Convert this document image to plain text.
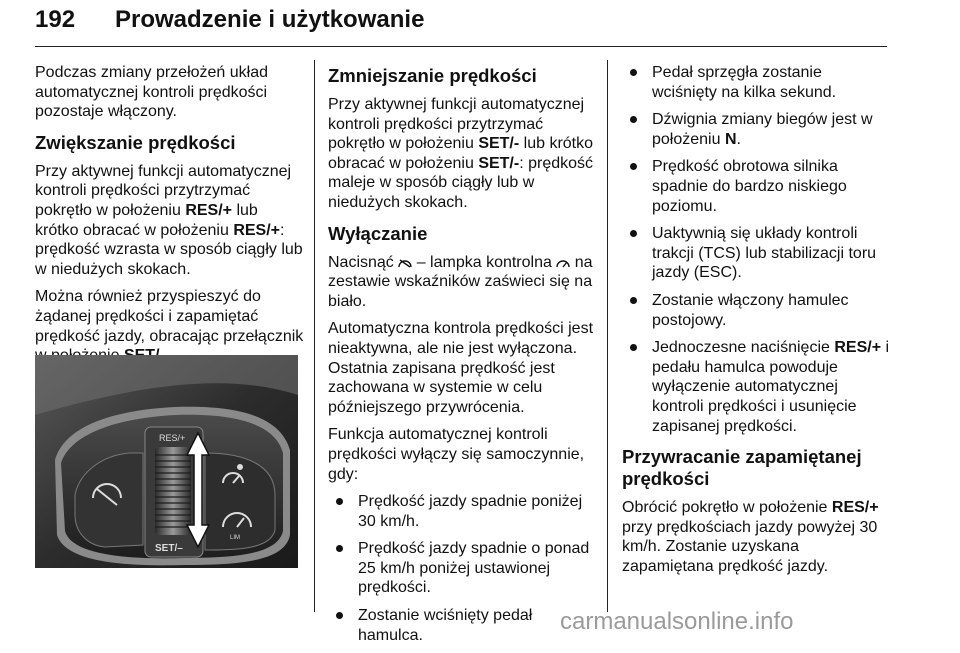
192 Prowadzenie i użytkowanie

Podczas zmiany przełożeń układ automatycznej kontroli prędkości pozostaje włączony.

Zwiększanie prędkości

Przy aktywnej funkcji automatycznej kontroli prędkości przytrzymać pokrętło w położeniu RES/+ lub krótko obracać w położeniu RES/+: prędkość wzrasta w sposób ciągły lub w niedużych skokach.

Można również przyspieszyć do żądanej prędkości i zapamiętać prędkość jazdy, obracając przełącznik

RES/+
SET/–
LIM
Zmniejszanie prędkości

Przy aktywnej funkcji automatycznej kontroli prędkości przytrzymać pokrętło w położeniu SET/- lub krótko obracać w położeniu SET/-: prędkość maleje w sposób ciągły lub w niedużych skokach.

Wyłączanie

Nacisnąć  – lampka kontrolna  na zestawie wskaźników zaświeci się na biało.

Automatyczna kontrola prędkości jest nieaktywna, ale nie jest wyłączona. Ostatnia zapisana prędkość jest zachowana w systemie w celu późniejszego przywrócenia.

Funkcja automatycznej kontroli prędkości wyłączy się samoczynnie, gdy:

Prędkość jazdy spadnie poniżej 30 km/h.
Prędkość jazdy spadnie o ponad 25 km/h poniżej ustawionej prędkości.
Zostanie wciśnięty pedał hamulca.
Pedał sprzęgła zostanie wciśnięty na kilka sekund.
Dźwignia zmiany biegów jest w położeniu N.
Prędkość obrotowa silnika spadnie do bardzo niskiego poziomu.
Uaktywnią się układy kontroli trakcji (TCS) lub stabilizacji toru jazdy (ESC).
Zostanie włączony hamulec postojowy.
Jednoczesne naciśnięcie RES/+ i pedału hamulca powoduje wyłączenie automatycznej kontroli prędkości i usunięcie zapisanej prędkości.
Przywracanie zapamiętanej prędkości

Obrócić pokrętło w położenie RES/+ przy prędkościach jazdy powyżej 30 km/h. Zostanie uzyskana zapamiętana prędkość jazdy.

carmanualsonline.info
